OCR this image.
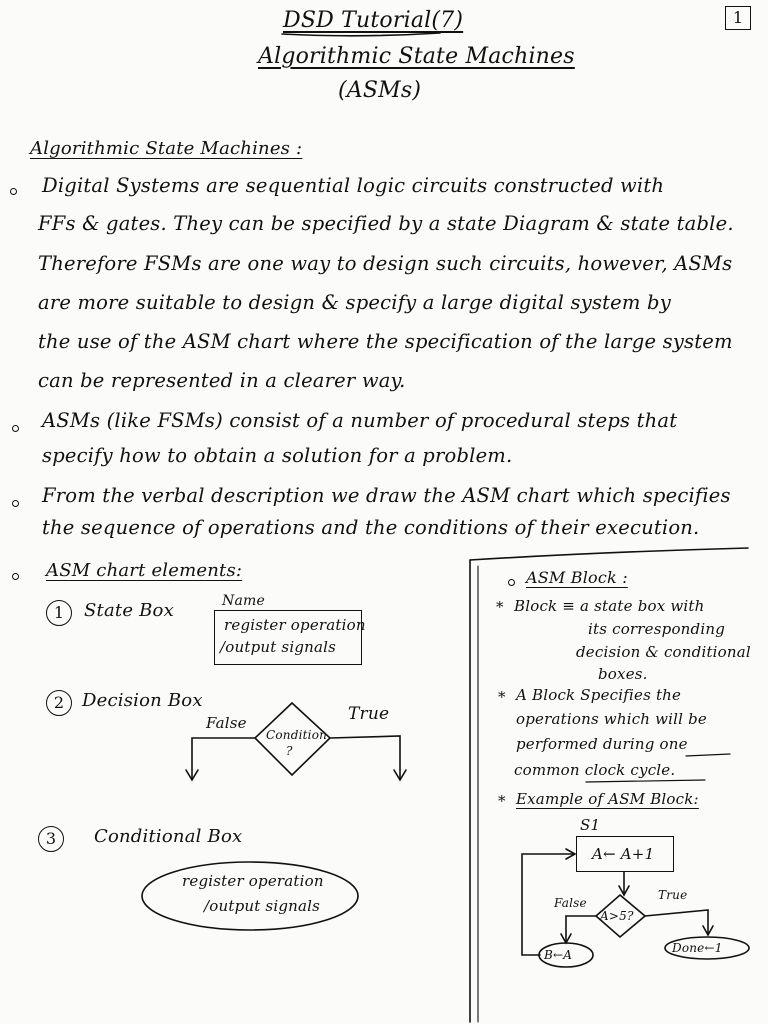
1
DSD Tutorial(7)
Algorithmic State Machines
(ASMs)
Algorithmic State Machines :
Digital Systems are sequential logic circuits constructed with
FFs & gates. They can be specified by a state Diagram & state table.
Therefore FSMs are one way to design such circuits, however, ASMs
are more suitable to design & specify a large digital system by
the use of the ASM chart where the specification of the large system
can be represented in a clearer way.
ASMs (like FSMs) consist of a number of procedural steps that
specify how to obtain a solution for a problem.
From the verbal description we draw the ASM chart which specifies
the sequence of operations and the conditions of their execution.
ASM chart elements:
1	State Box	Name
register operation
/output signals
2 Decision Box
False	True
Condition
?
3	Conditional Box
register operation
/output signals
ASM Block :
* Block ≡ a state box with
its corresponding
decision & conditional
boxes.
* A Block Specifies the
operations which will be
performed during one
common clock cycle.
* Example of ASM Block:
S1
A← A+1
A>5?
False
True
B←A	Done←1
